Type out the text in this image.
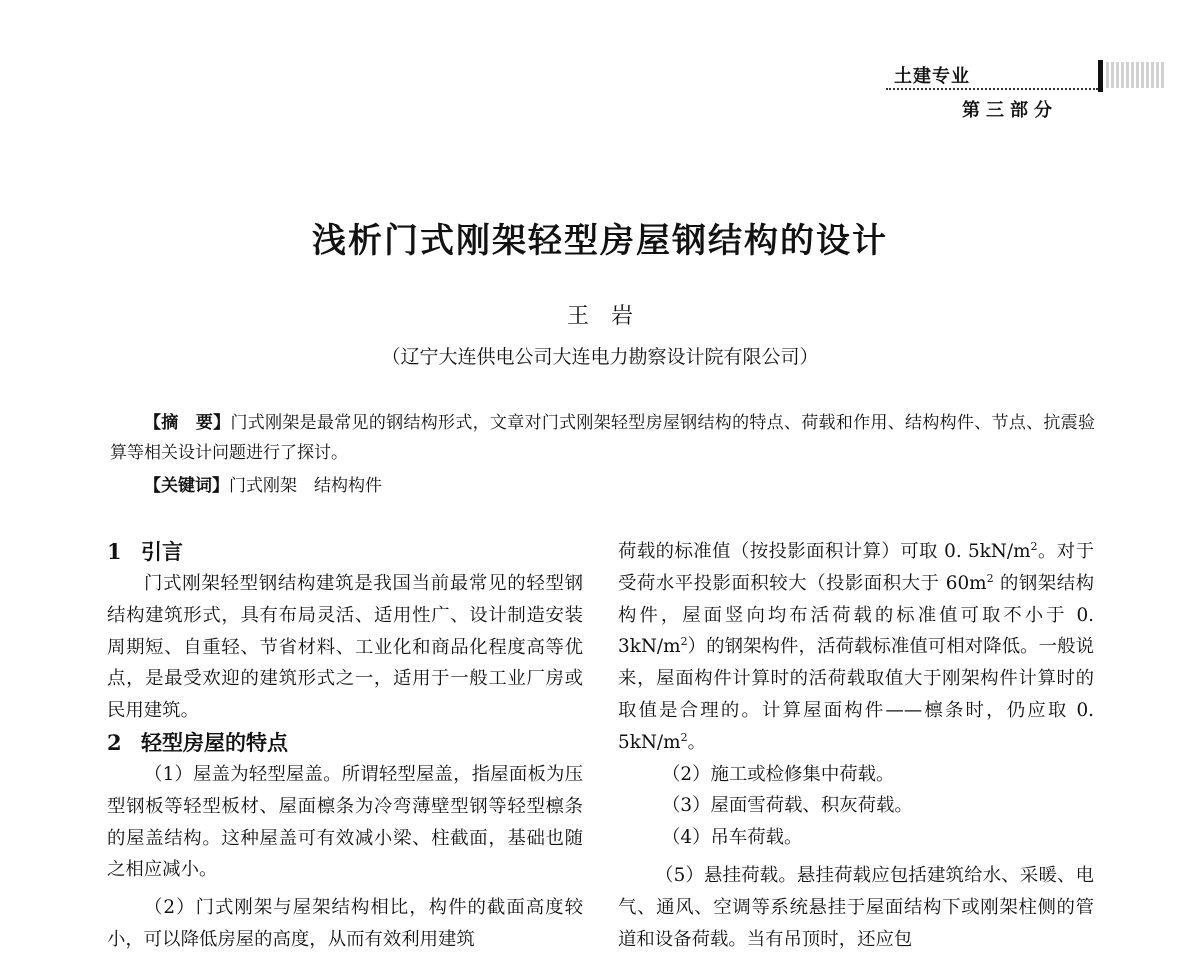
土建专业
第三部分
浅析门式刚架轻型房屋钢结构的设计
王岩
（辽宁大连供电公司大连电力勘察设计院有限公司）
【摘　要】门式刚架是最常见的钢结构形式，文章对门式刚架轻型房屋钢结构的特点、荷载和作用、结构构件、节点、抗震验算等相关设计问题进行了探讨。
【关键词】门式刚架　结构构件
1 引言

门式刚架轻型钢结构建筑是我国当前最常见的轻型钢结构建筑形式，具有布局灵活、适用性广、设计制造安装周期短、自重轻、节省材料、工业化和商品化程度高等优点，是最受欢迎的建筑形式之一，适用于一般工业厂房或民用建筑。

2 轻型房屋的特点

（1）屋盖为轻型屋盖。所谓轻型屋盖，指屋面板为压型钢板等轻型板材、屋面檩条为冷弯薄壁型钢等轻型檩条的屋盖结构。这种屋盖可有效减小梁、柱截面，基础也随之相应减小。

（2）门式刚架与屋架结构相比，构件的截面高度较小，可以降低房屋的高度，从而有效利用建筑

荷载的标准值（按投影面积计算）可取 0. $5kN/m^2$。对于受荷水平投影面积较大（投影面积大于 $60m^2$ 的钢架结构构件，屋面竖向均布活荷载的标准值可取不小于 0. $3kN/m^2$）的钢架构件，活荷载标准值可相对降低。一般说来，屋面构件计算时的活荷载取值大于刚架构件计算时的取值是合理的。计算屋面构件——檩条时，仍应取 0. $5kN/m^2$。

（2）施工或检修集中荷载。

（3）屋面雪荷载、积灰荷载。

（4）吊车荷载。

（5）悬挂荷载。悬挂荷载应包括建筑给水、采暖、电气、通风、空调等系统悬挂于屋面结构下或刚架柱侧的管道和设备荷载。当有吊顶时，还应包
